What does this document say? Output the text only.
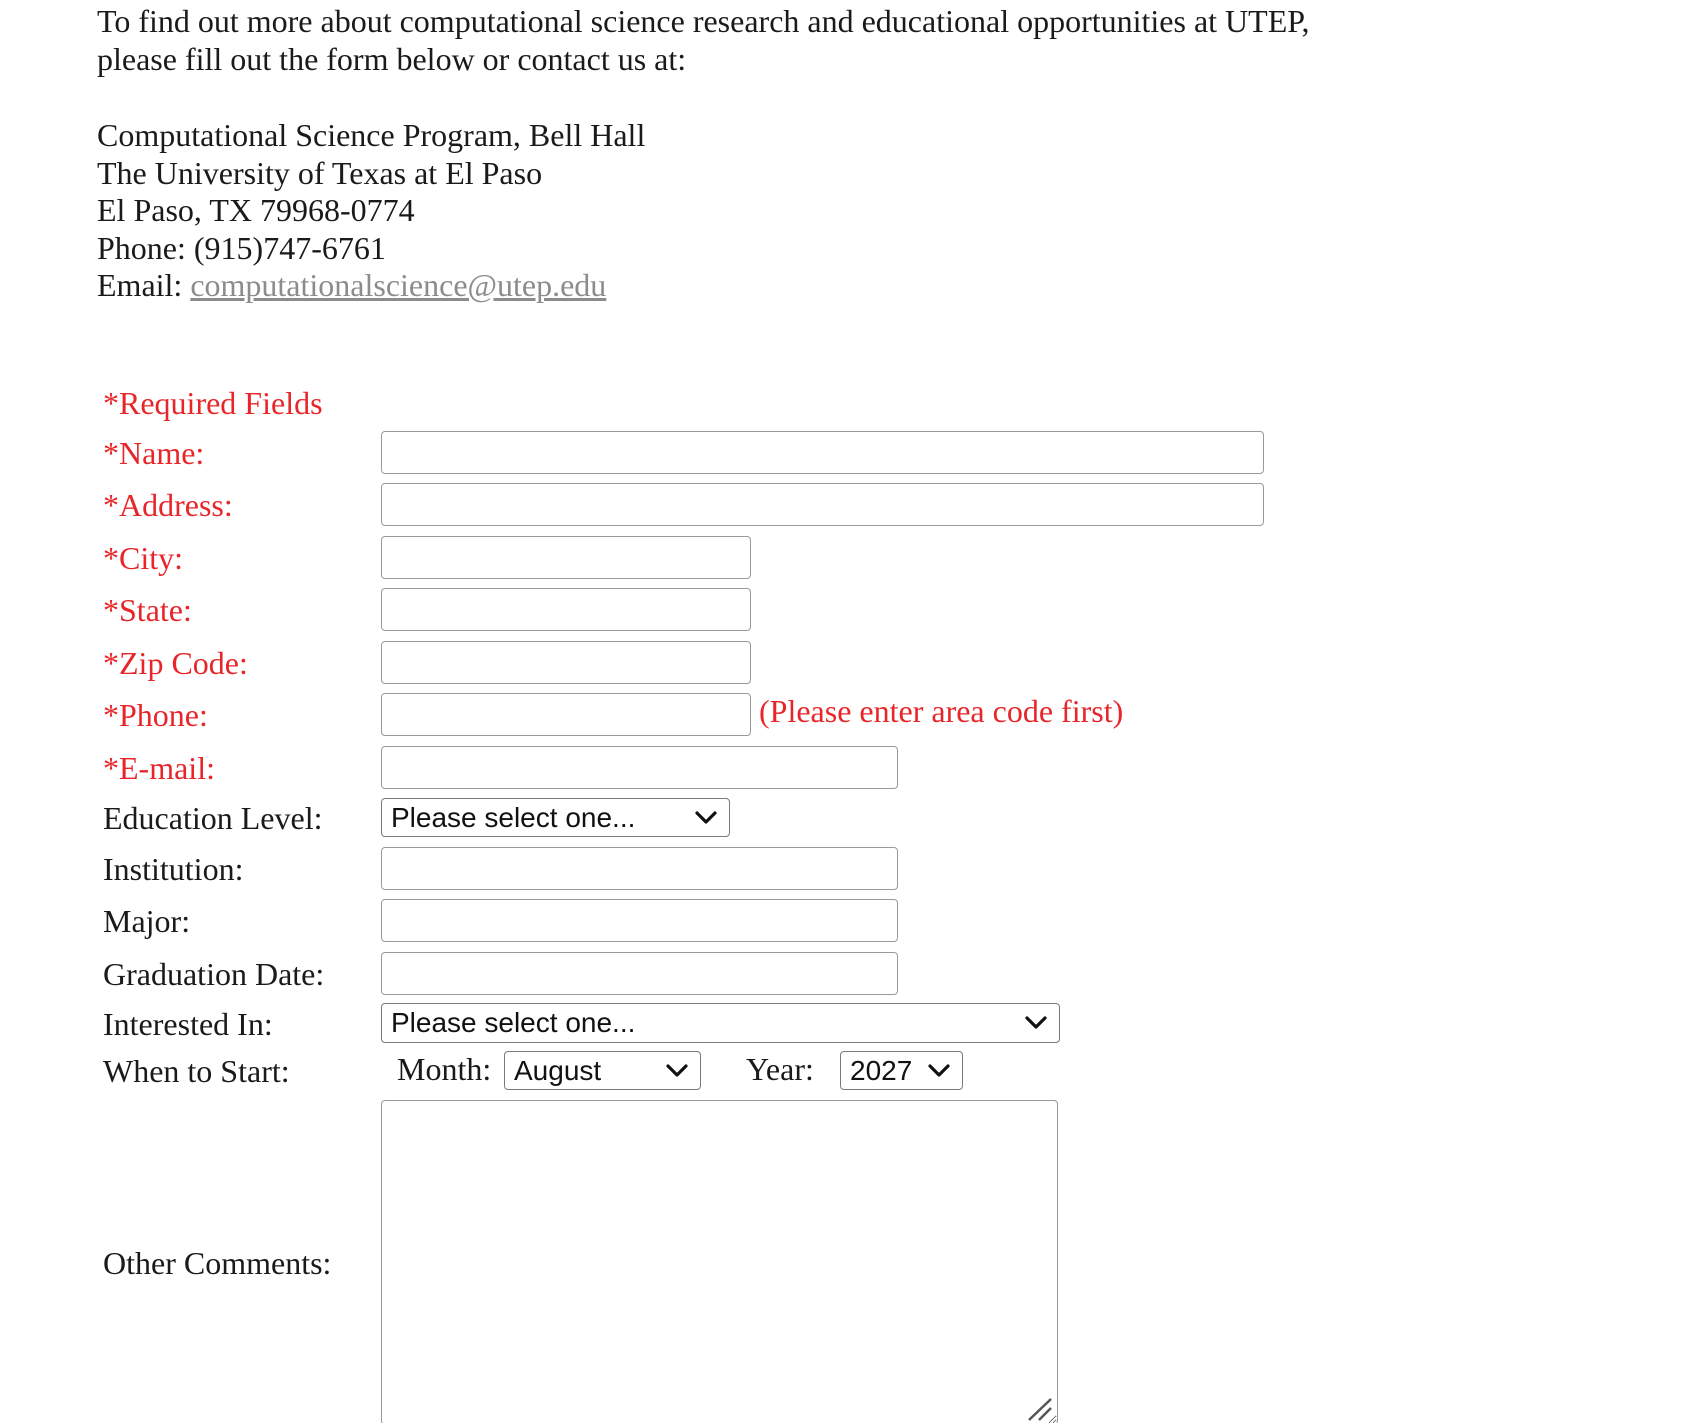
To find out more about computational science research and educational opportunities at UTEP,

please fill out the form below or contact us at:

Computational Science Program, Bell Hall
The University of Texas at El Paso
El Paso, TX 79968-0774
Phone: (915)747-6761
Email: computationalscience@utep.edu
*Required Fields
*Name:
*Address:
*City:
*State:
*Zip Code:
*Phone:	(Please enter area code first)
*E-mail:
Education Level: Please select one...
Institution:
Major:
Graduation Date:
Interested In:	Please select one...
When to Start:	Month: August	Year: 2027
Other Comments:
